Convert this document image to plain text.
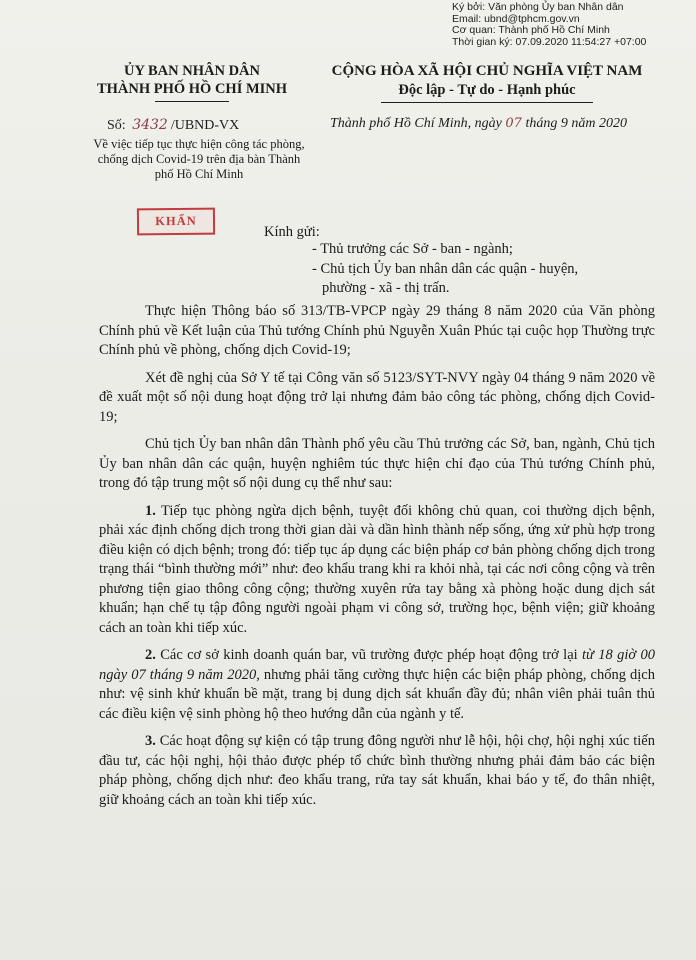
Ký bởi: Văn phòng Ủy ban Nhân dân
Email: ubnd@tphcm.gov.vn
Cơ quan: Thành phố Hồ Chí Minh
Thời gian ký: 07.09.2020 11:54:27 +07:00
ỦY BAN NHÂN DÂN
THÀNH PHỐ HỒ CHÍ MINH
CỘNG HÒA XÃ HỘI CHỦ NGHĨA VIỆT NAM
Độc lập - Tự do - Hạnh phúc
Số: 3432 /UBND-VX
Về việc tiếp tục thực hiện công tác phòng, chống dịch Covid-19 trên địa bàn Thành phố Hồ Chí Minh
Thành phố Hồ Chí Minh, ngày 07 tháng 9 năm 2020
KHẨN
Kính gửi:
- Thủ trưởng các Sở - ban - ngành;
- Chủ tịch Ủy ban nhân dân các quận - huyện,
phường - xã - thị trấn.

Thực hiện Thông báo số 313/TB-VPCP ngày 29 tháng 8 năm 2020 của Văn phòng Chính phủ về Kết luận của Thủ tướng Chính phủ Nguyễn Xuân Phúc tại cuộc họp Thường trực Chính phủ về phòng, chống dịch Covid-19;

Xét đề nghị của Sở Y tế tại Công văn số 5123/SYT-NVY ngày 04 tháng 9 năm 2020 về đề xuất một số nội dung hoạt động trở lại nhưng đảm bảo công tác phòng, chống dịch Covid-19;

Chủ tịch Ủy ban nhân dân Thành phố yêu cầu Thủ trưởng các Sở, ban, ngành, Chủ tịch Ủy ban nhân dân các quận, huyện nghiêm túc thực hiện chỉ đạo của Thủ tướng Chính phủ, trong đó tập trung một số nội dung cụ thể như sau:

1. Tiếp tục phòng ngừa dịch bệnh, tuyệt đối không chủ quan, coi thường dịch bệnh, phải xác định chống dịch trong thời gian dài và dần hình thành nếp sống, ứng xử phù hợp trong điều kiện có dịch bệnh; trong đó: tiếp tục áp dụng các biện pháp cơ bản phòng chống dịch trong trạng thái “bình thường mới” như: đeo khẩu trang khi ra khỏi nhà, tại các nơi công cộng và trên phương tiện giao thông công cộng; thường xuyên rửa tay bằng xà phòng hoặc dung dịch sát khuẩn; hạn chế tụ tập đông người ngoài phạm vi công sở, trường học, bệnh viện; giữ khoảng cách an toàn khi tiếp xúc.

2. Các cơ sở kinh doanh quán bar, vũ trường được phép hoạt động trở lại từ 18 giờ 00 ngày 07 tháng 9 năm 2020, nhưng phải tăng cường thực hiện các biện pháp phòng, chống dịch như: vệ sinh khử khuẩn bề mặt, trang bị dung dịch sát khuẩn đầy đủ; nhân viên phải tuân thủ các điều kiện vệ sinh phòng hộ theo hướng dẫn của ngành y tế.

3. Các hoạt động sự kiện có tập trung đông người như lễ hội, hội chợ, hội nghị xúc tiến đầu tư, các hội nghị, hội thảo được phép tổ chức bình thường nhưng phải đảm bảo các biện pháp phòng, chống dịch như: đeo khẩu trang, rửa tay sát khuẩn, khai báo y tế, đo thân nhiệt, giữ khoảng cách an toàn khi tiếp xúc.
